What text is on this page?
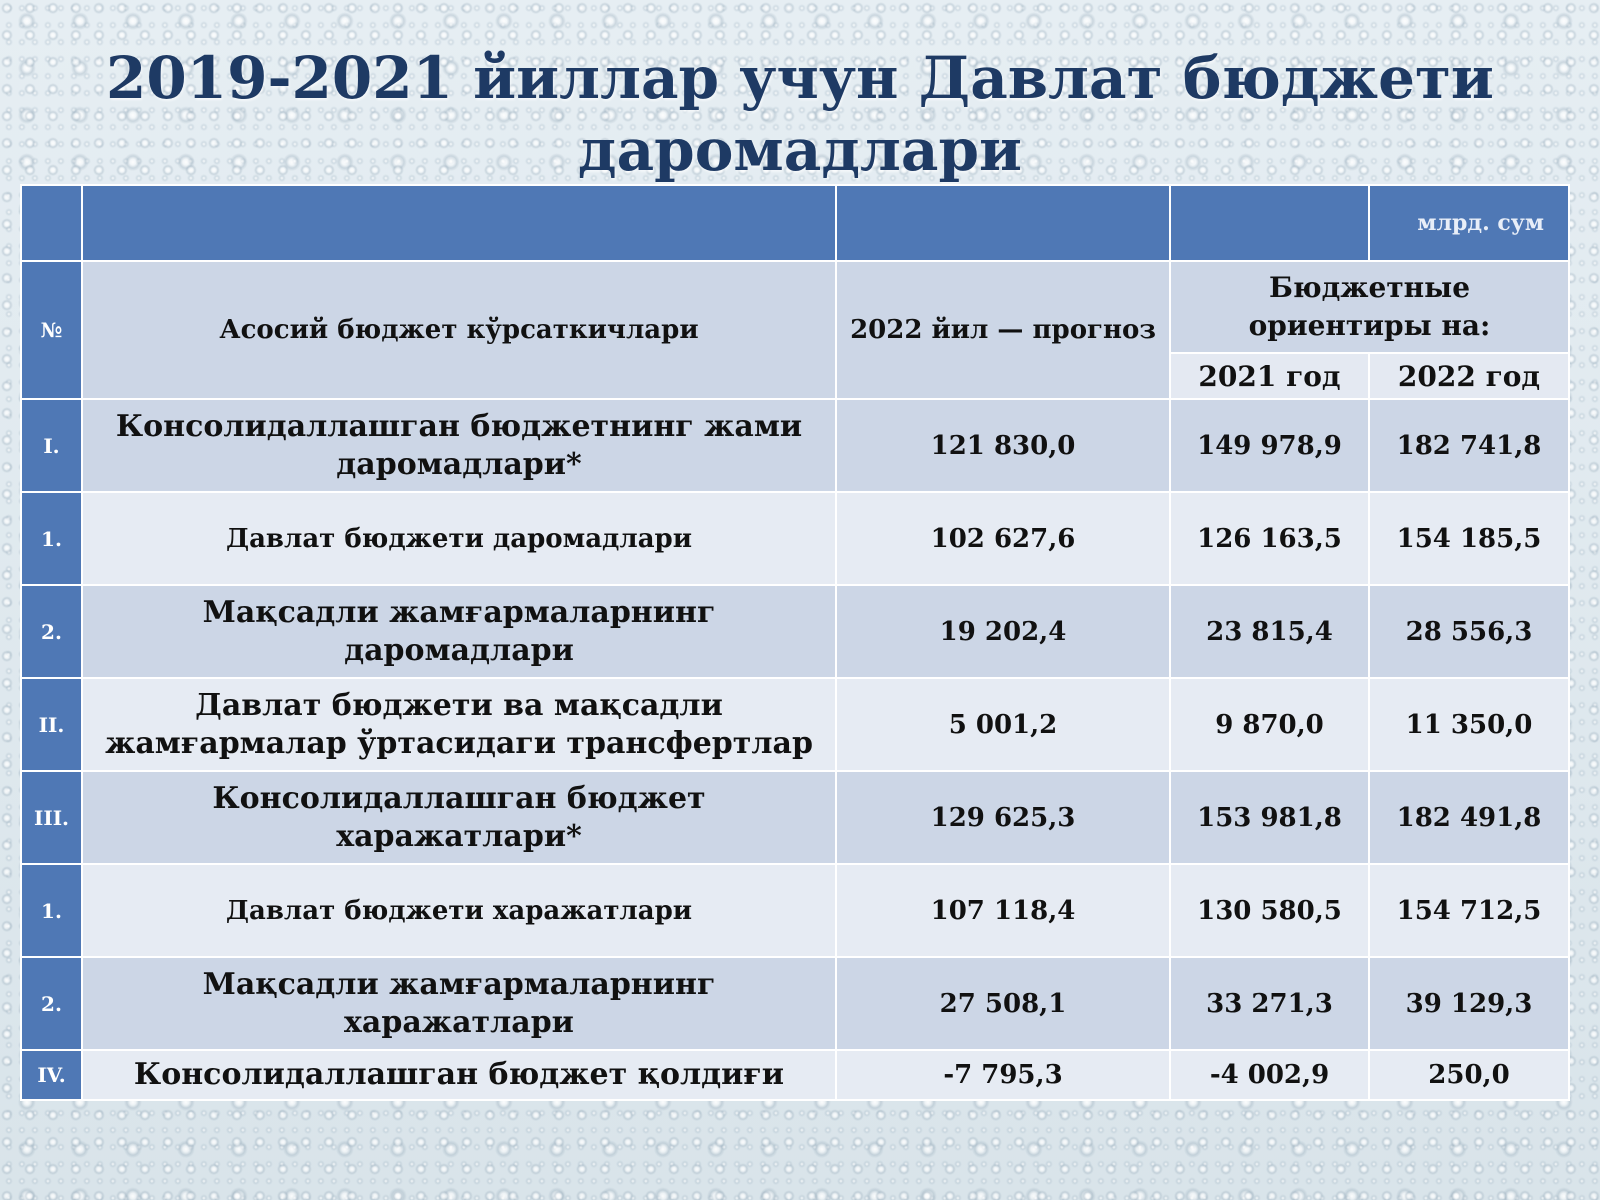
2019-2021 йиллар учун Давлат бюджети
даромадлари
				млрд. сум
№	Асосий бюджет кўрсаткичлари	2022 йил — прогноз	Бюджетные ориентиры на:	
			2021 год	2022 год
I.	Консолидаллашган бюджетнинг жами даромадлари*	121 830,0	149 978,9	182 741,8
1.	Давлат бюджети даромадлари	102 627,6	126 163,5	154 185,5
2.	Мақсадли жамғармаларнинг даромадлари	19 202,4	23 815,4	28 556,3
II.	Давлат бюджети ва мақсадли жамғармалар ўртасидаги трансфертлар	5 001,2	9 870,0	11 350,0
III.	Консолидаллашган бюджет харажатлари*	129 625,3	153 981,8	182 491,8
1.	Давлат бюджети харажатлари	107 118,4	130 580,5	154 712,5
2.	Мақсадли жамғармаларнинг харажатлари	27 508,1	33 271,3	39 129,3
IV.	Консолидаллашган бюджет қолдиғи	-7 795,3	-4 002,9	250,0
